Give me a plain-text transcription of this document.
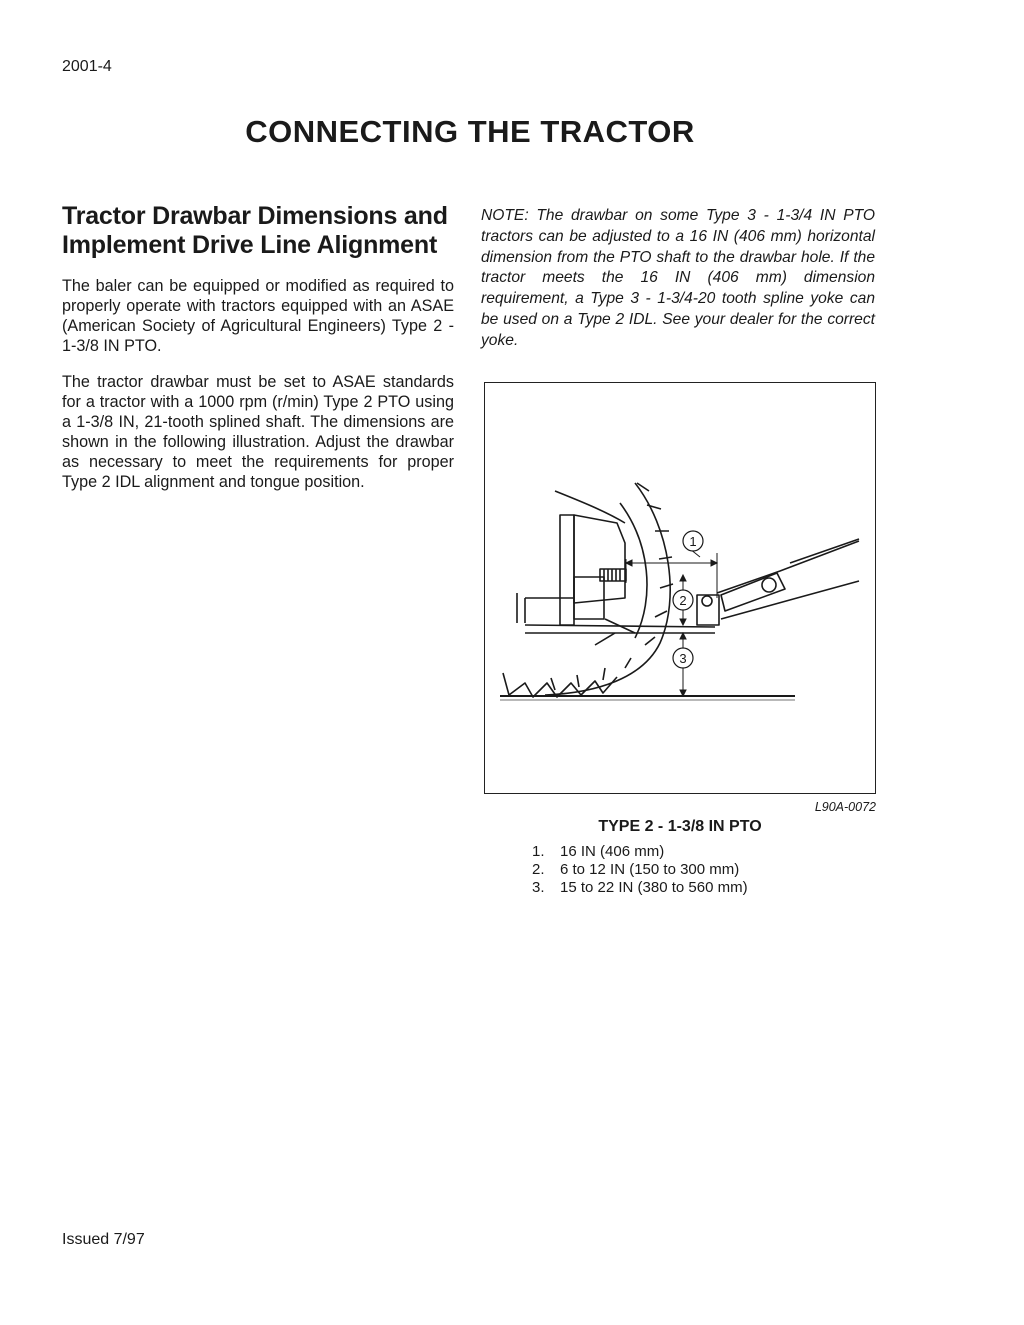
2001-4
CONNECTING THE TRACTOR
Tractor Drawbar Dimensions and
Implement Drive Line Alignment

The baler can be equipped or modified as required to properly operate with tractors equipped with an ASAE (American Society of Agricultural Engineers) Type 2 - 1-3/8 IN PTO.

The tractor drawbar must be set to ASAE standards for a tractor with a 1000 rpm (r/min) Type 2 PTO using a 1-3/8 IN, 21-tooth splined shaft. The dimensions are shown in the following illustration. Adjust the drawbar as necessary to meet the requirements for proper Type 2 IDL alignment and tongue position.

NOTE: The drawbar on some Type 3 - 1-3/4 IN PTO tractors can be adjusted to a 16 IN (406 mm) horizontal dimension from the PTO shaft to the drawbar hole. If the tractor meets the 16 IN (406 mm) dimension requirement, a Type 3 - 1-3/4-20 tooth spline yoke can be used on a Type 2 IDL. See your dealer for the correct yoke.

1
2
3
L90A-0072
TYPE 2 - 1-3/8 IN PTO
1.	16 IN (406 mm)
2.	6 to 12 IN (150 to 300 mm)
3.	15 to 22 IN (380 to 560 mm)
Issued 7/97
